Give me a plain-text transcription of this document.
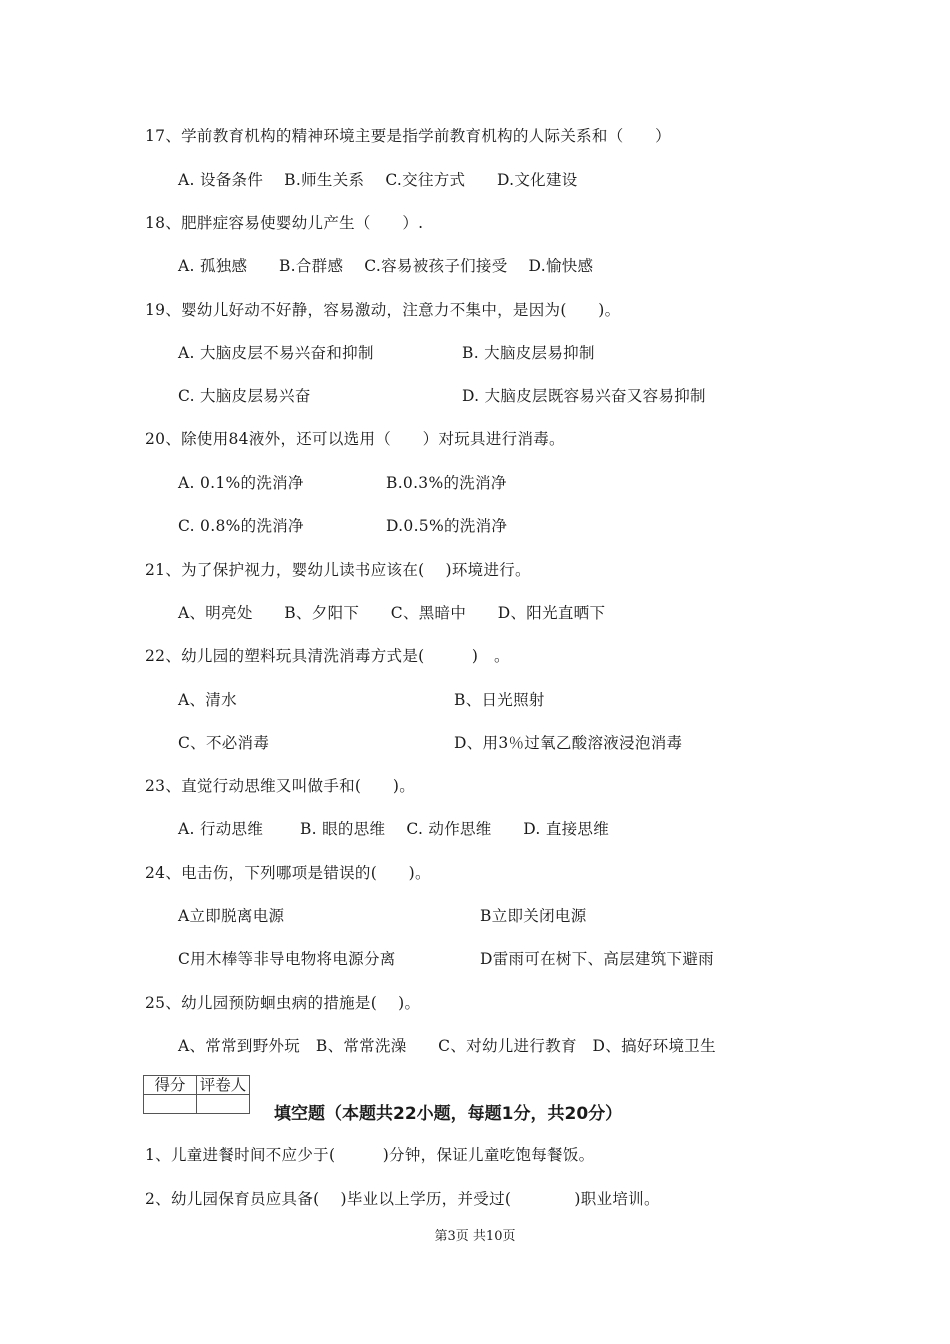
17、学前教育机构的精神环境主要是指学前教育机构的人际关系和（　　）
A. 设备条件　 B.师生关系　 C.交往方式　　D.文化建设
18、肥胖症容易使婴幼儿产生（　　）.
A. 孤独感　　B.合群感　 C.容易被孩子们接受　 D.愉快感
19、婴幼儿好动不好静，容易激动，注意力不集中，是因为(　　)。
A. 大脑皮层不易兴奋和抑制	B. 大脑皮层易抑制
C. 大脑皮层易兴奋	D. 大脑皮层既容易兴奋又容易抑制
20、除使用84液外，还可以选用（　　）对玩具进行消毒。
A. 0.1%的洗消净	B.0.3%的洗消净
C. 0.8%的洗消净	D.0.5%的洗消净
21、为了保护视力，婴幼儿读书应该在(　 )环境进行。
A、明亮处　　B、夕阳下　　C、黑暗中　　D、阳光直晒下
22、幼儿园的塑料玩具清洗消毒方式是(　　　)　。
A、清水	B、日光照射
C、不必消毒	D、用3％过氧乙酸溶液浸泡消毒
23、直觉行动思维又叫做手和(　　)。
A. 行动思维　　 B. 眼的思维　 C. 动作思维　　D. 直接思维
24、电击伤，下列哪项是错误的(　　)。
A立即脱离电源	B立即关闭电源
C用木棒等非导电物将电源分离	D雷雨可在树下、高层建筑下避雨
25、幼儿园预防蛔虫病的措施是(　 )。
A、常常到野外玩　B、常常洗澡　　C、对幼儿进行教育　D、搞好环境卫生
得分	评卷人

填空题（本题共22小题，每题1分，共20分）
1、儿童进餐时间不应少于(　　　)分钟，保证儿童吃饱每餐饭。
2、幼儿园保育员应具备(　 )毕业以上学历，并受过(　　　　)职业培训。
第3页 共10页
